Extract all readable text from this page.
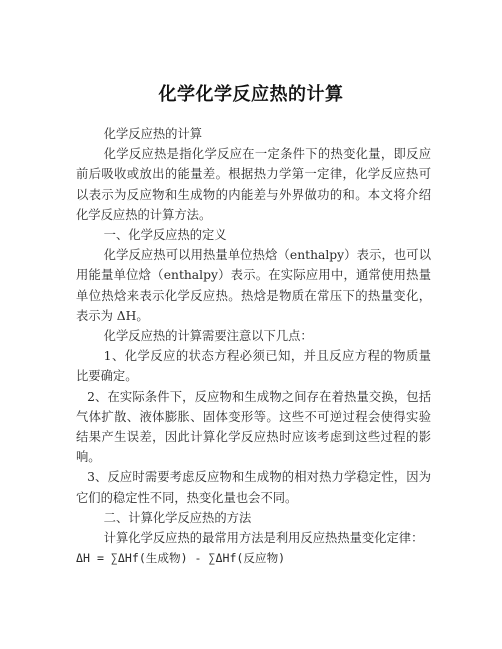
化学化学反应热的计算

化学反应热的计算

化学反应热是指化学反应在一定条件下的热变化量，即反应前后吸收或放出的能量差。根据热力学第一定律，化学反应热可以表示为反应物和生成物的内能差与外界做功的和。本文将介绍化学反应热的计算方法。

一、化学反应热的定义

化学反应热可以用热量单位热焓（enthalpy）表示，也可以用能量单位焓（enthalpy）表示。在实际应用中，通常使用热量单位热焓来表示化学反应热。热焓是物质在常压下的热量变化，表示为 ΔH。

化学反应热的计算需要注意以下几点：

1、化学反应的状态方程必须已知，并且反应方程的物质量比要确定。

2、在实际条件下，反应物和生成物之间存在着热量交换，包括气体扩散、液体膨胀、固体变形等。这些不可逆过程会使得实验结果产生误差，因此计算化学反应热时应该考虑到这些过程的影响。

3、反应时需要考虑反应物和生成物的相对热力学稳定性，因为它们的稳定性不同，热变化量也会不同。

二、计算化学反应热的方法

计算化学反应热的最常用方法是利用反应热热量变化定律：

ΔH = ∑ΔHf(生成物) - ∑ΔHf(反应物)
